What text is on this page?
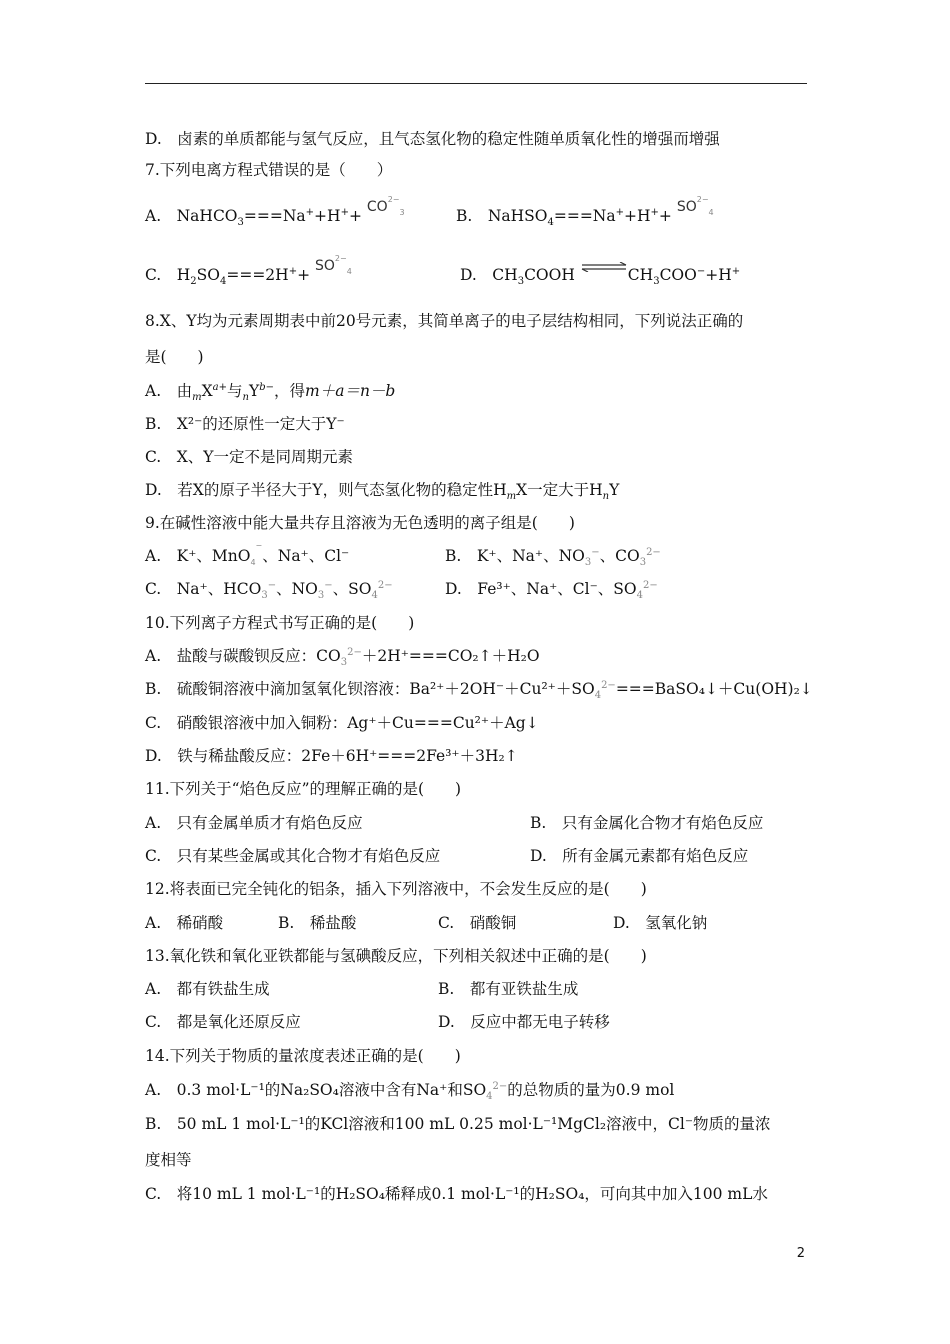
D.　卤素的单质都能与氢气反应，且气态氢化物的稳定性随单质氧化性的增强而增强
7.下列电离方程式错误的是（　　）
A.　NaHCO$_3$===Na++H++ $CO^{2-}_3$	B.　NaHSO$_4$===Na++H++ $SO^{2-}_4$
C.　$H_2SO_4===2H^++ SO^{2-}_4$	D.　$CH_3COOH$ $\rightleftharpoons CH_3COO^-+H^+$
8.X、Y均为元素周期表中前20号元素，其简单离子的电子层结构相同，下列说法正确的
是(　　)
A.　由$_mX^{a+}$与$_nY^{b-}$，得m＋a＝n－b
B.　X²⁻的还原性一定大于Y⁻
C.　X、Y一定不是同周期元素
D.　若X的原子半径大于Y，则气态氢化物的稳定性$H_mX$一定大于$H_nY$
9.在碱性溶液中能大量共存且溶液为无色透明的离子组是(　　)
A.　K⁺、MnO$_4$−、Na⁺、Cl⁻	B.　K⁺、Na⁺、$NO_3^-$、$CO_3^{2-}$
C.　Na⁺、$HCO_3^-$、$NO_3^-$、$SO_4^{2-}$	D.　Fe³⁺、Na⁺、Cl⁻、$SO_4^{2-}$
10.下列离子方程式书写正确的是(　　)
A.　盐酸与碳酸钡反应：$CO_3^{2-}+2H^+===CO_2↑+H_2O$
B.　硫酸铜溶液中滴加氢氧化钡溶液：$Ba^{2+}+2OH^-+Cu^{2+}+SO_4^{2-}===BaSO_4↓+Cu(OH)_2↓$
C.　硝酸银溶液中加入铜粉：Ag⁺＋Cu===Cu²⁺＋Ag↓
D.　铁与稀盐酸反应：2Fe＋6H⁺===2Fe³⁺＋3H₂↑
11.下列关于“焰色反应”的理解正确的是(　　)
A.　只有金属单质才有焰色反应	B.　只有金属化合物才有焰色反应
C.　只有某些金属或其化合物才有焰色反应	D.　所有金属元素都有焰色反应
12.将表面已完全钝化的铝条，插入下列溶液中，不会发生反应的是(　　)
A.　稀硝酸	B.　稀盐酸	C.　硝酸铜	D.　氢氧化钠
13.氧化铁和氧化亚铁都能与氢碘酸反应，下列相关叙述中正确的是(　　)
A.　都有铁盐生成	B.　都有亚铁盐生成
C.　都是氧化还原反应	D.　反应中都无电子转移
14.下列关于物质的量浓度表述正确的是(　　)
A.　0.3 mol·L⁻¹的Na₂SO₄溶液中含有Na⁺和$SO_4^{2-}$的总物质的量为0.9 mol
B.　50 mL 1 mol·L⁻¹的KCl溶液和100 mL 0.25 mol·L⁻¹MgCl₂溶液中，Cl⁻物质的量浓
度相等
C.　将10 mL 1 mol·L⁻¹的H₂SO₄稀释成0.1 mol·L⁻¹的H₂SO₄，可向其中加入100 mL水
2
